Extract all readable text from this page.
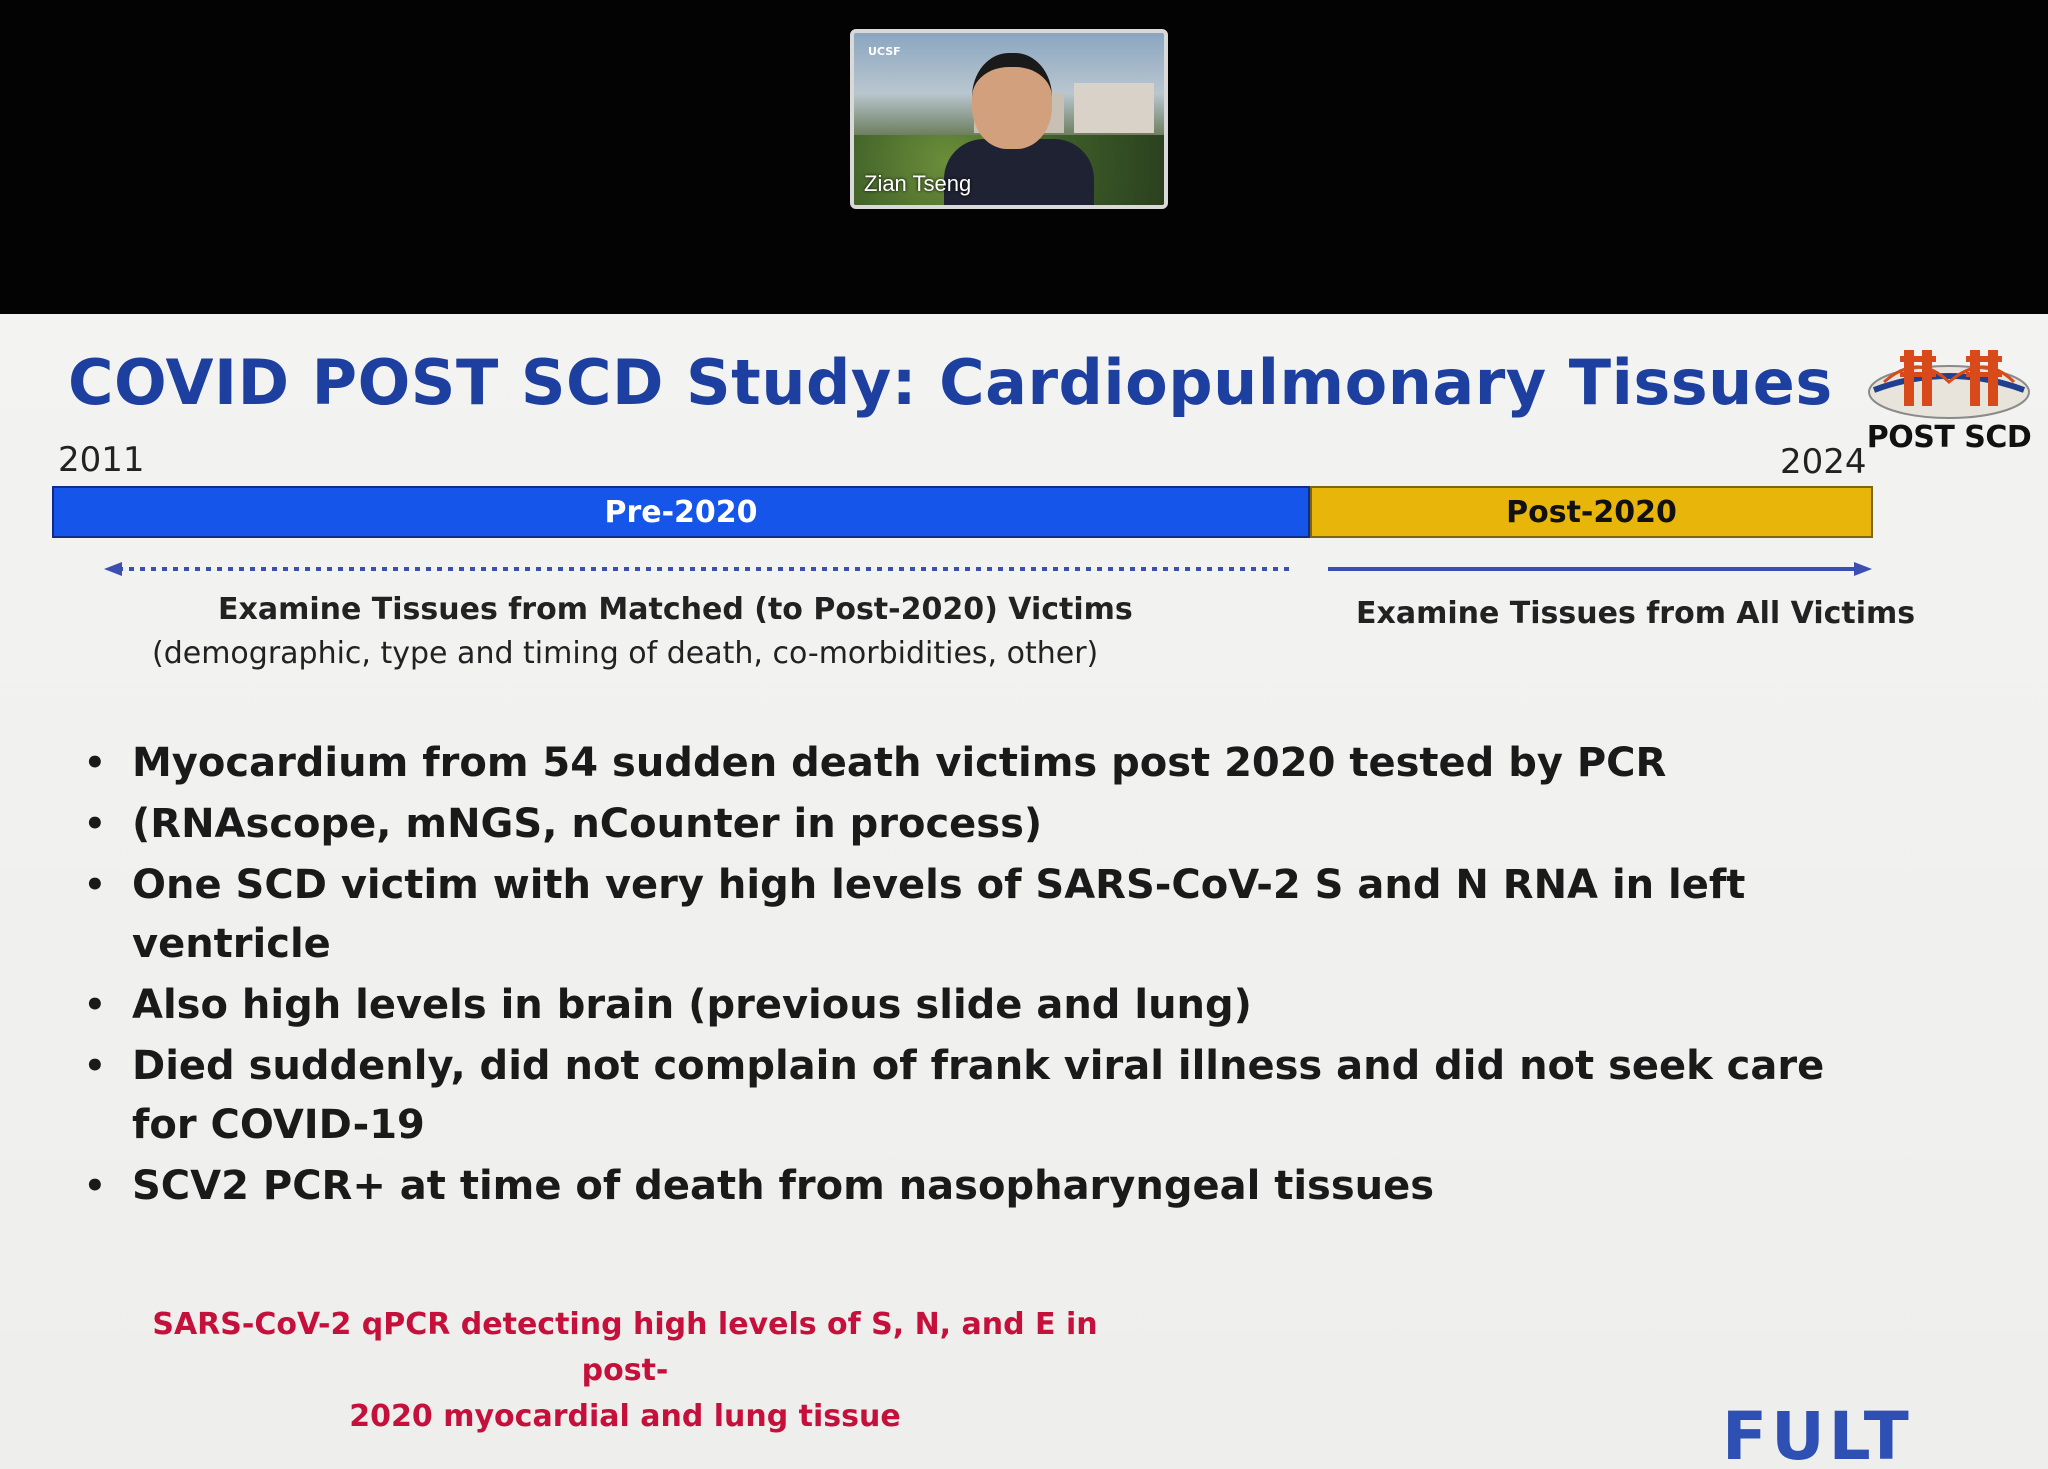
UCSF
Zian Tseng
COVID POST SCD Study: Cardiopulmonary Tissues
POST SCD
2011	2024
Pre-2020	Post-2020
Examine Tissues from Matched (to Post-2020) Victims
(demographic, type and timing of death, co-morbidities, other)
Examine Tissues from All Victims
• Myocardium from 54 sudden death victims post 2020 tested by PCR
• (RNAscope, mNGS, nCounter in process)
• One SCD victim with very high levels of SARS-CoV-2 S and N RNA in left ventricle
• Also high levels in brain (previous slide and lung)
• Died suddenly, did not complain of frank viral illness and did not seek care for COVID-19
• SCV2 PCR+ at time of death from nasopharyngeal tissues
SARS-CoV-2 qPCR detecting high levels of S, N, and E in post-
2020 myocardial and lung tissue	FULT
